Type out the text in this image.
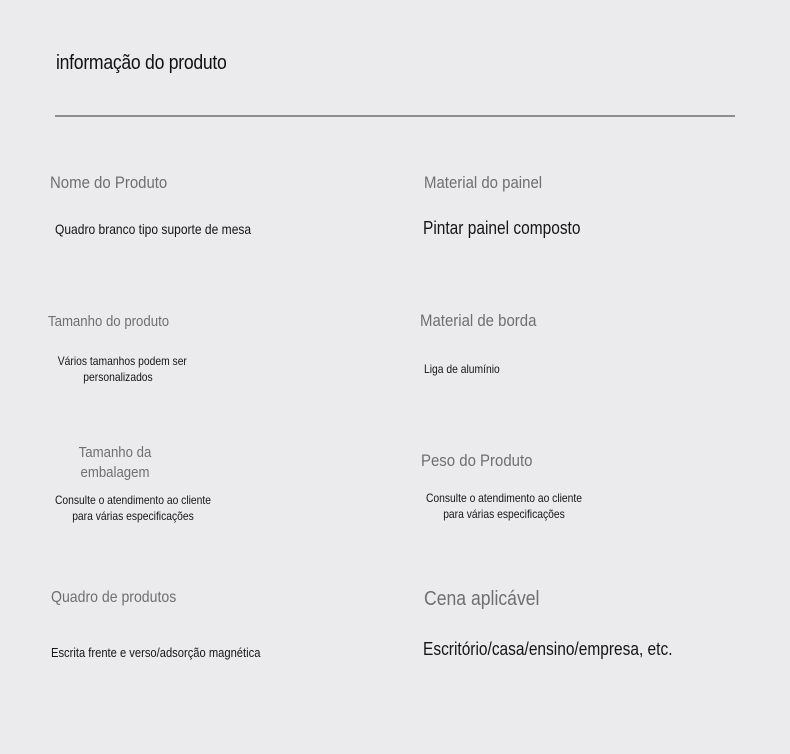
informação do produto
Nome do Produto
Quadro branco tipo suporte de mesa
Material do painel
Pintar painel composto
Tamanho do produto
Vários tamanhos podem ser
personalizados
Material de borda
Liga de alumínio
Tamanho da
embalagem
Consulte o atendimento ao cliente
para várias especificações
Peso do Produto
Consulte o atendimento ao cliente
para várias especificações
Quadro de produtos
Escrita frente e verso/adsorção magnética
Cena aplicável
Escritório/casa/ensino/empresa, etc.
